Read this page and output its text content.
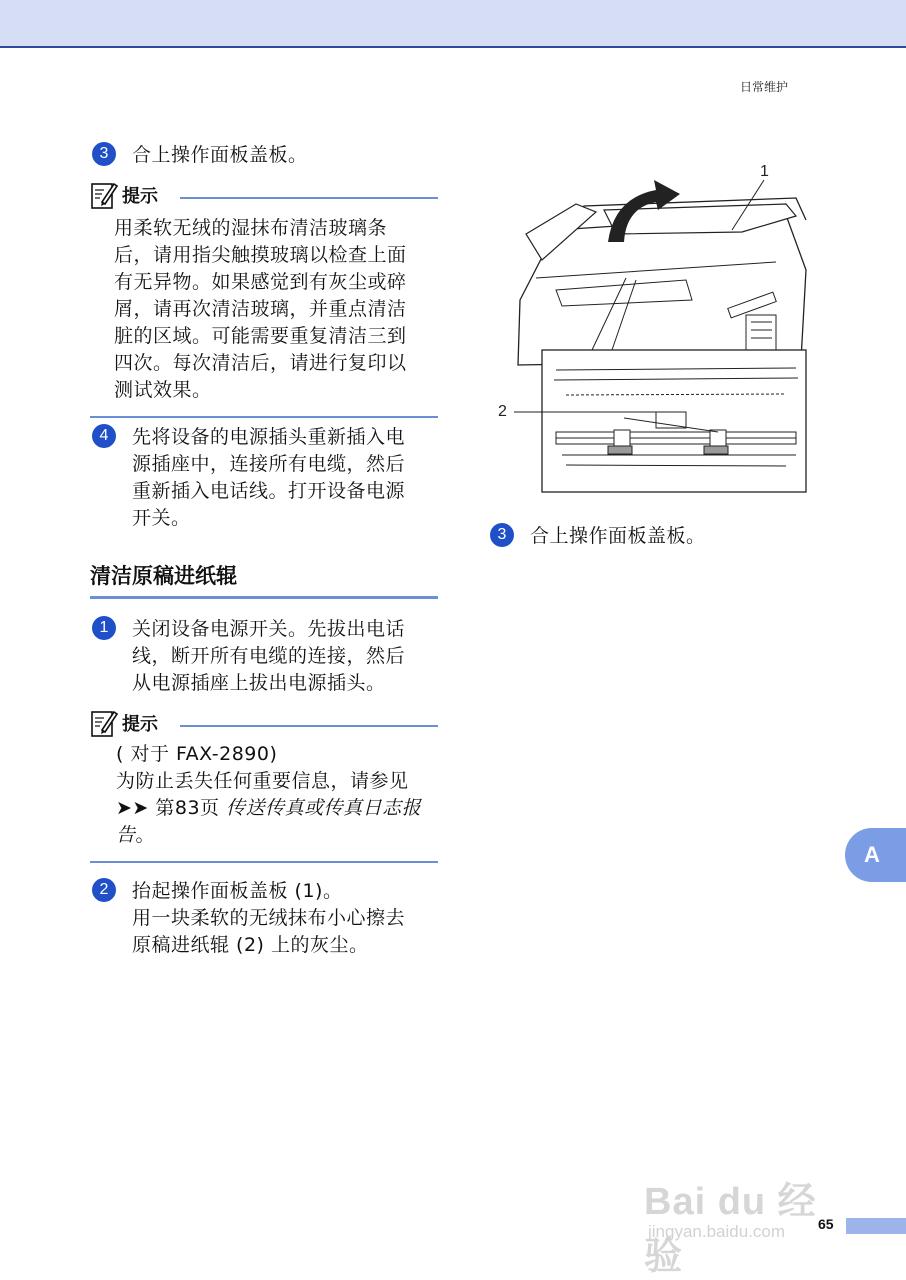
日常维护
3	合上操作面板盖板。
提示
用柔软无绒的湿抹布清洁玻璃条
后，请用指尖触摸玻璃以检查上面
有无异物。如果感觉到有灰尘或碎
屑，请再次清洁玻璃，并重点清洁
脏的区域。可能需要重复清洁三到
四次。每次清洁后，请进行复印以
测试效果。
4	先将设备的电源插头重新插入电
源插座中，连接所有电缆，然后
重新插入电话线。打开设备电源
开关。
清洁原稿进纸辊
1	关闭设备电源开关。先拔出电话
线，断开所有电缆的连接，然后
从电源插座上拔出电源插头。
提示
( 对于 FAX-2890)
为防止丢失任何重要信息，请参见
➤➤ 第83页 传送传真或传真日志报
告。
2	抬起操作面板盖板 (1)。
用一块柔软的无绒抹布小心擦去
原稿进纸辊 (2) 上的灰尘。
1
2
3	合上操作面板盖板。
A
Bai du 经验
jingyan.baidu.com 65
